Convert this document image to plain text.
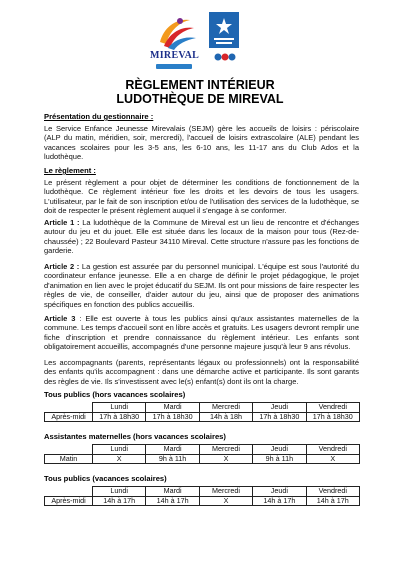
MIREVAL
RÈGLEMENT INTÉRIEUR
LUDOTHÈQUE DE MIREVAL
Présentation du gestionnaire :
Le Service Enfance Jeunesse Mirevalais (SEJM) gère les accueils de loisirs : périscolaire (ALP du matin, méridien, soir, mercredi), l'accueil de loisirs extrascolaire (ALE) pendant les vacances scolaires pour les 3-5 ans, les 6-10 ans, les 11-17 ans du Club Ados et la ludothèque.
Le règlement :
Le présent règlement a pour objet de déterminer les conditions de fonctionnement de la ludothèque. Ce règlement intérieur fixe les droits et les devoirs de tous les usagers. L'utilisateur, par le fait de son inscription et/ou de l'utilisation des services de la ludothèque, se doit de respecter le présent règlement auquel il s'engage à se conformer.
Article 1 : La ludothèque de la Commune de Mireval est un lieu de rencontre et d'échanges autour du jeu et du jouet. Elle est située dans les locaux de la maison pour tous (Rez-de-chaussée) ; 22 Boulevard Pasteur 34110 Mireval. Cette structure n'assure pas les fonctions de garderie.
Article 2 : La gestion est assurée par du personnel municipal. L'équipe est sous l'autorité du coordinateur enfance jeunesse. Elle a en charge de définir le projet pédagogique, le projet d'animation en lien avec le projet éducatif du SEJM. Ils ont pour missions de faire respecter les règles de vie, de conseiller, d'aider autour du jeu, ainsi que de proposer des animations spécifiques en fonction des publics accueillis.
Article 3 : Elle est ouverte à tous les publics ainsi qu'aux assistantes maternelles de la commune. Les temps d'accueil sont en libre accès et gratuits. Les usagers devront remplir une fiche d'inscription et prendre connaissance du règlement intérieur. Les enfants sont obligatoirement accueillis, accompagnés d'une personne majeure jusqu'à leur 9 ans révolus.
Les accompagnants (parents, représentants légaux ou professionnels) ont la responsabilité des enfants qu'ils accompagnent : dans une démarche active et participante. Ils sont garants des règles de vie. Ils s'investissent avec le(s) enfant(s) dont ils ont la charge.
Tous publics (hors vacances scolaires)
	Lundi	Mardi	Mercredi	Jeudi	Vendredi
Après-midi	17h à 18h30	17h à 18h30	14h à 18h	17h à 18h30	17h à 18h30
Assistantes maternelles (hors vacances scolaires)
	Lundi	Mardi	Mercredi	Jeudi	Vendredi
Matin	X	9h à 11h	X	9h à 11h	X
Tous publics (vacances scolaires)
	Lundi	Mardi	Mercredi	Jeudi	Vendredi
Après-midi	14h à 17h	14h à 17h	X	14h à 17h	14h à 17h
